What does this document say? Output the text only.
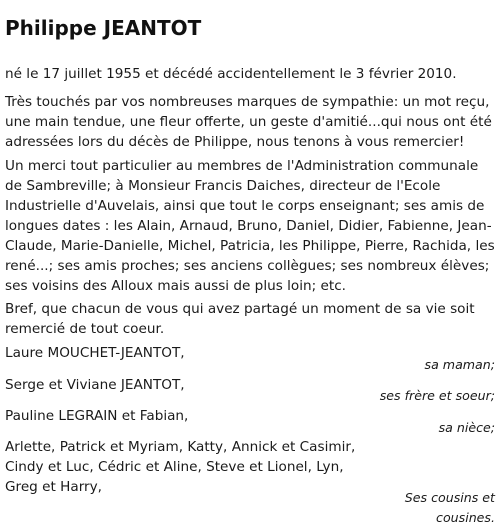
Philippe JEANTOT

né le 17 juillet 1955 et décédé accidentellement le 3 février 2010.

Très touchés par vos nombreuses marques de sympathie: un mot reçu, une main tendue, une fleur offerte, un geste d'amitié...qui nous ont été adressées lors du décès de Philippe, nous tenons à vous remercier!

Un merci tout particulier au membres de l'Administration communale de Sambreville; à Monsieur Francis Daiches, directeur de l'Ecole Industrielle d'Auvelais, ainsi que tout le corps enseignant; ses amis de longues dates : les Alain, Arnaud, Bruno, Daniel, Didier, Fabienne, Jean-Claude, Marie-Danielle, Michel, Patricia, les Philippe, Pierre, Rachida, les rené...; ses amis proches; ses anciens collègues; ses nombreux élèves; ses voisins des Alloux mais aussi de plus loin; etc.

Bref, que chacun de vous qui avez partagé un moment de sa vie soit remercié de tout coeur.

Laure MOUCHET-JEANTOT,

sa maman;

Serge et Viviane JEANTOT,

ses frère et soeur;

Pauline LEGRAIN et Fabian,

sa nièce;

Arlette, Patrick et Myriam, Katty, Annick et Casimir,

Cindy et Luc, Cédric et Aline, Steve et Lionel, Lyn,

Greg et Harry,

Ses cousins et

cousines.
